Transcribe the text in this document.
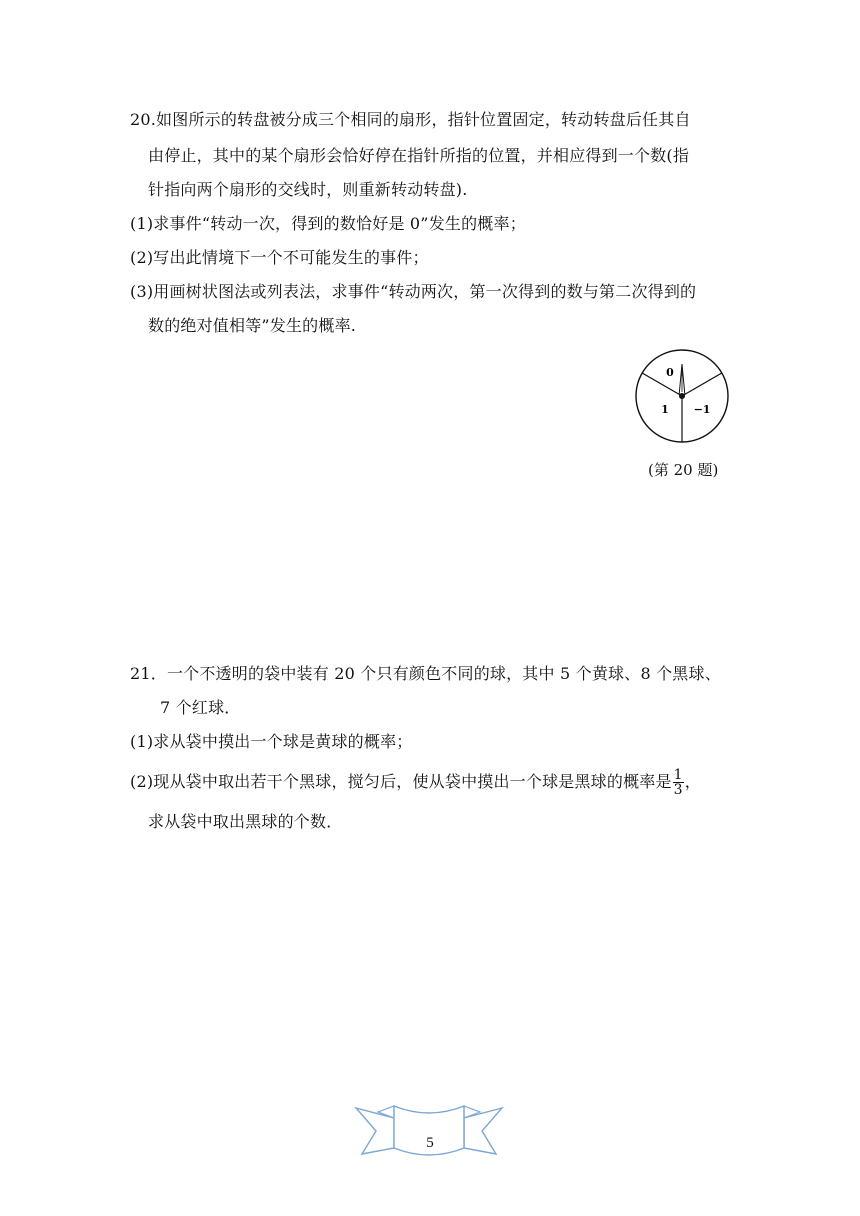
20.如图所示的转盘被分成三个相同的扇形，指针位置固定，转动转盘后任其自
由停止，其中的某个扇形会恰好停在指针所指的位置，并相应得到一个数(指
针指向两个扇形的交线时，则重新转动转盘).
(1)求事件“转动一次，得到的数恰好是 0”发生的概率；
(2)写出此情境下一个不可能发生的事件；
(3)用画树状图法或列表法，求事件“转动两次，第一次得到的数与第二次得到的
数的绝对值相等”发生的概率.
0
1 −1
(第 20 题)
21．一个不透明的袋中装有 20 个只有颜色不同的球，其中 5 个黄球、8 个黑球、
7 个红球．
(1)求从袋中摸出一个球是黄球的概率；
(2)现从袋中取出若干个黑球，搅匀后，使从袋中摸出一个球是黑球的概率是 $\frac{1}{3}$ ，
求从袋中取出黑球的个数．
5
